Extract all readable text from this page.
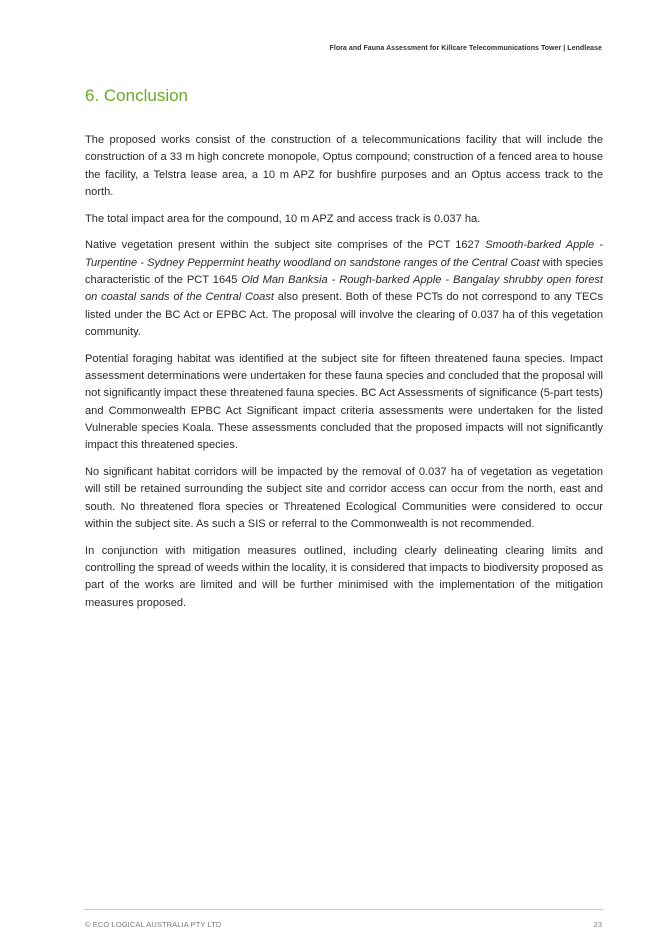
Flora and Fauna Assessment for Killcare Telecommunications Tower | Lendlease
6. Conclusion

The proposed works consist of the construction of a telecommunications facility that will include the construction of a 33 m high concrete monopole, Optus compound; construction of a fenced area to house the facility, a Telstra lease area, a 10 m APZ for bushfire purposes and an Optus access track to the north.

The total impact area for the compound, 10 m APZ and access track is 0.037 ha.

Native vegetation present within the subject site comprises of the PCT 1627 Smooth-barked Apple - Turpentine - Sydney Peppermint heathy woodland on sandstone ranges of the Central Coast with species characteristic of the PCT 1645 Old Man Banksia - Rough-barked Apple - Bangalay shrubby open forest on coastal sands of the Central Coast also present. Both of these PCTs do not correspond to any TECs listed under the BC Act or EPBC Act. The proposal will involve the clearing of 0.037 ha of this vegetation community.

Potential foraging habitat was identified at the subject site for fifteen threatened fauna species. Impact assessment determinations were undertaken for these fauna species and concluded that the proposal will not significantly impact these threatened fauna species. BC Act Assessments of significance (5-part tests) and Commonwealth EPBC Act Significant impact criteria assessments were undertaken for the listed Vulnerable species Koala. These assessments concluded that the proposed impacts will not significantly impact this threatened species.

No significant habitat corridors will be impacted by the removal of 0.037 ha of vegetation as vegetation will still be retained surrounding the subject site and corridor access can occur from the north, east and south. No threatened flora species or Threatened Ecological Communities were considered to occur within the subject site. As such a SIS or referral to the Commonwealth is not recommended.

In conjunction with mitigation measures outlined, including clearly delineating clearing limits and controlling the spread of weeds within the locality, it is considered that impacts to biodiversity proposed as part of the works are limited and will be further minimised with the implementation of the mitigation measures proposed.

© ECO LOGICAL AUSTRALIA PTY LTD	23
